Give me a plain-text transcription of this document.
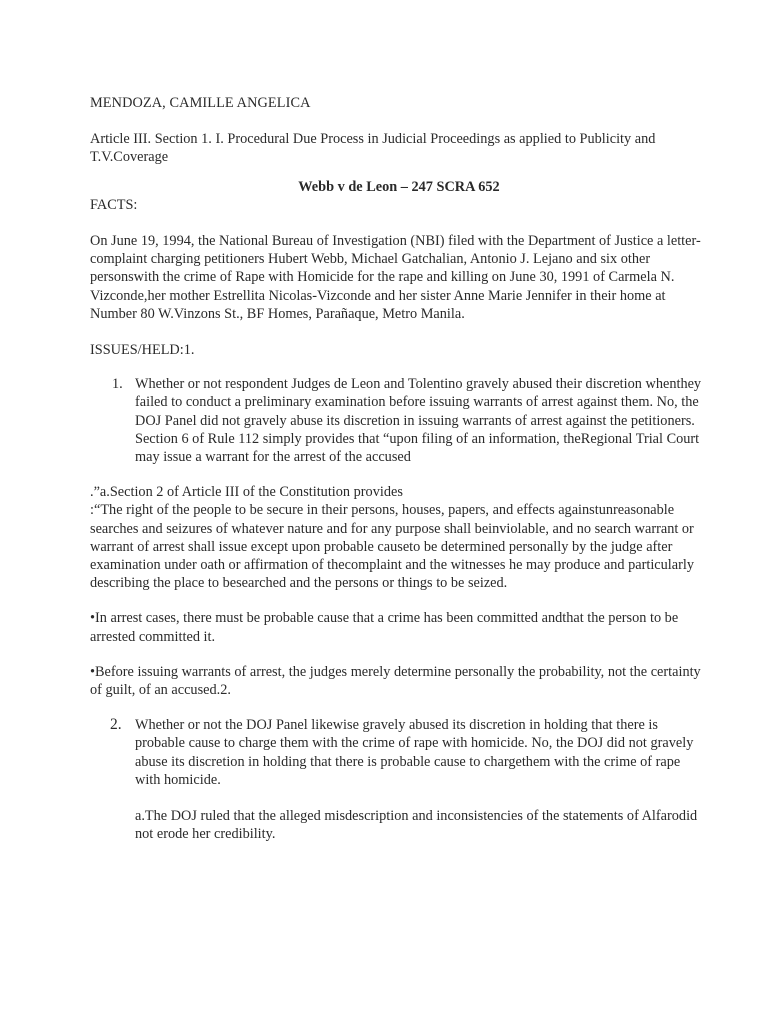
MENDOZA, CAMILLE ANGELICA

Article III. Section 1. I. Procedural Due Process in Judicial Proceedings as applied to Publicity and T.V.Coverage

Webb v de Leon – 247 SCRA 652

FACTS:

On June 19, 1994, the National Bureau of Investigation (NBI) filed with the Department of Justice a letter-complaint charging petitioners Hubert Webb, Michael Gatchalian, Antonio J. Lejano and six other personswith the crime of Rape with Homicide for the rape and killing on June 30, 1991 of Carmela N. Vizconde,her mother Estrellita Nicolas-Vizconde and her sister Anne Marie Jennifer in their home at Number 80 W.Vinzons St., BF Homes, Parañaque, Metro Manila.

ISSUES/HELD:1.

1. Whether or not respondent Judges de Leon and Tolentino gravely abused their discretion whenthey failed to conduct a preliminary examination before issuing warrants of arrest against them. No, the DOJ Panel did not gravely abuse its discretion in issuing warrants of arrest against the petitioners. Section 6 of Rule 112 simply provides that “upon filing of an information, theRegional Trial Court may issue a warrant for the arrest of the accused

.”a.Section 2 of Article III of the Constitution provides

:“The right of the people to be secure in their persons, houses, papers, and effects againstunreasonable searches and seizures of whatever nature and for any purpose shall beinviolable, and no search warrant or warrant of arrest shall issue except upon probable causeto be determined personally by the judge after examination under oath or affirmation of thecomplaint and the witnesses he may produce and particularly describing the place to besearched and the persons or things to be seized.

•In arrest cases, there must be probable cause that a crime has been committed andthat the person to be arrested committed it.

•Before issuing warrants of arrest, the judges merely determine personally the probability, not the certainty of guilt, of an accused.2.

2. Whether or not the DOJ Panel likewise gravely abused its discretion in holding that there is probable cause to charge them with the crime of rape with homicide. No, the DOJ did not gravely abuse its discretion in holding that there is probable cause to chargethem with the crime of rape with homicide.

a.The DOJ ruled that the alleged misdescription and inconsistencies of the statements of Alfarodid not erode her credibility.
